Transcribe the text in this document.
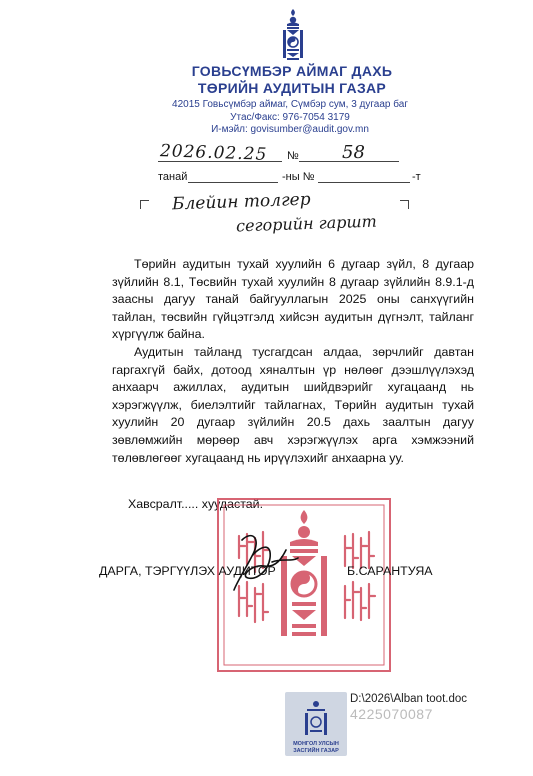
ГОВЬСҮМБЭР АЙМАГ ДАХЬ
ТӨРИЙН АУДИТЫН ГАЗАР
42015 Говьсүмбэр аймаг, Сүмбэр сум, 3 дугаар баг
Утас/Факс: 976-7054 3179
И-мэйл: govisumber@audit.gov.mn
2026.02.25 № 58
танай	-ны №	-т
Блейин толгер
сегорийн гаршт

Төрийн аудитын тухай хуулийн 6 дугаар зүйл, 8 дугаар зүйлийн 8.1, Төсвийн тухай хуулийн 8 дугаар зүйлийн 8.9.1-д заасны дагуу танай байгууллагын 2025 оны санхүүгийн тайлан, төсвийн гүйцэтгэлд хийсэн аудитын дүгнэлт, тайланг хүргүүлж байна.

Аудитын тайланд тусгагдсан алдаа, зөрчлийг давтан гаргахгүй байх, дотоод хяналтын үр нөлөөг дээшлүүлэхэд анхаарч ажиллах, аудитын шийдвэрийг хугацаанд нь хэрэгжүүлж, биелэлтийг тайлагнах, Төрийн аудитын тухай хуулийн 20 дугаар зүйлийн 20.5 дахь заалтын дагуу зөвлөмжийн мөрөөр авч хэрэгжүүлэх арга хэмжээний төлөвлөгөөг хугацаанд нь ирүүлэхийг анхаарна уу.

Хавсралт..... хуудастай.
ДАРГА, ТЭРГҮҮЛЭХ АУДИТОР	Б.САРАНТУЯА
МОНГОЛ УЛСЫН
ЗАСГИЙН ГАЗАР
D:\2026\Alban toot.doc
4225070087
